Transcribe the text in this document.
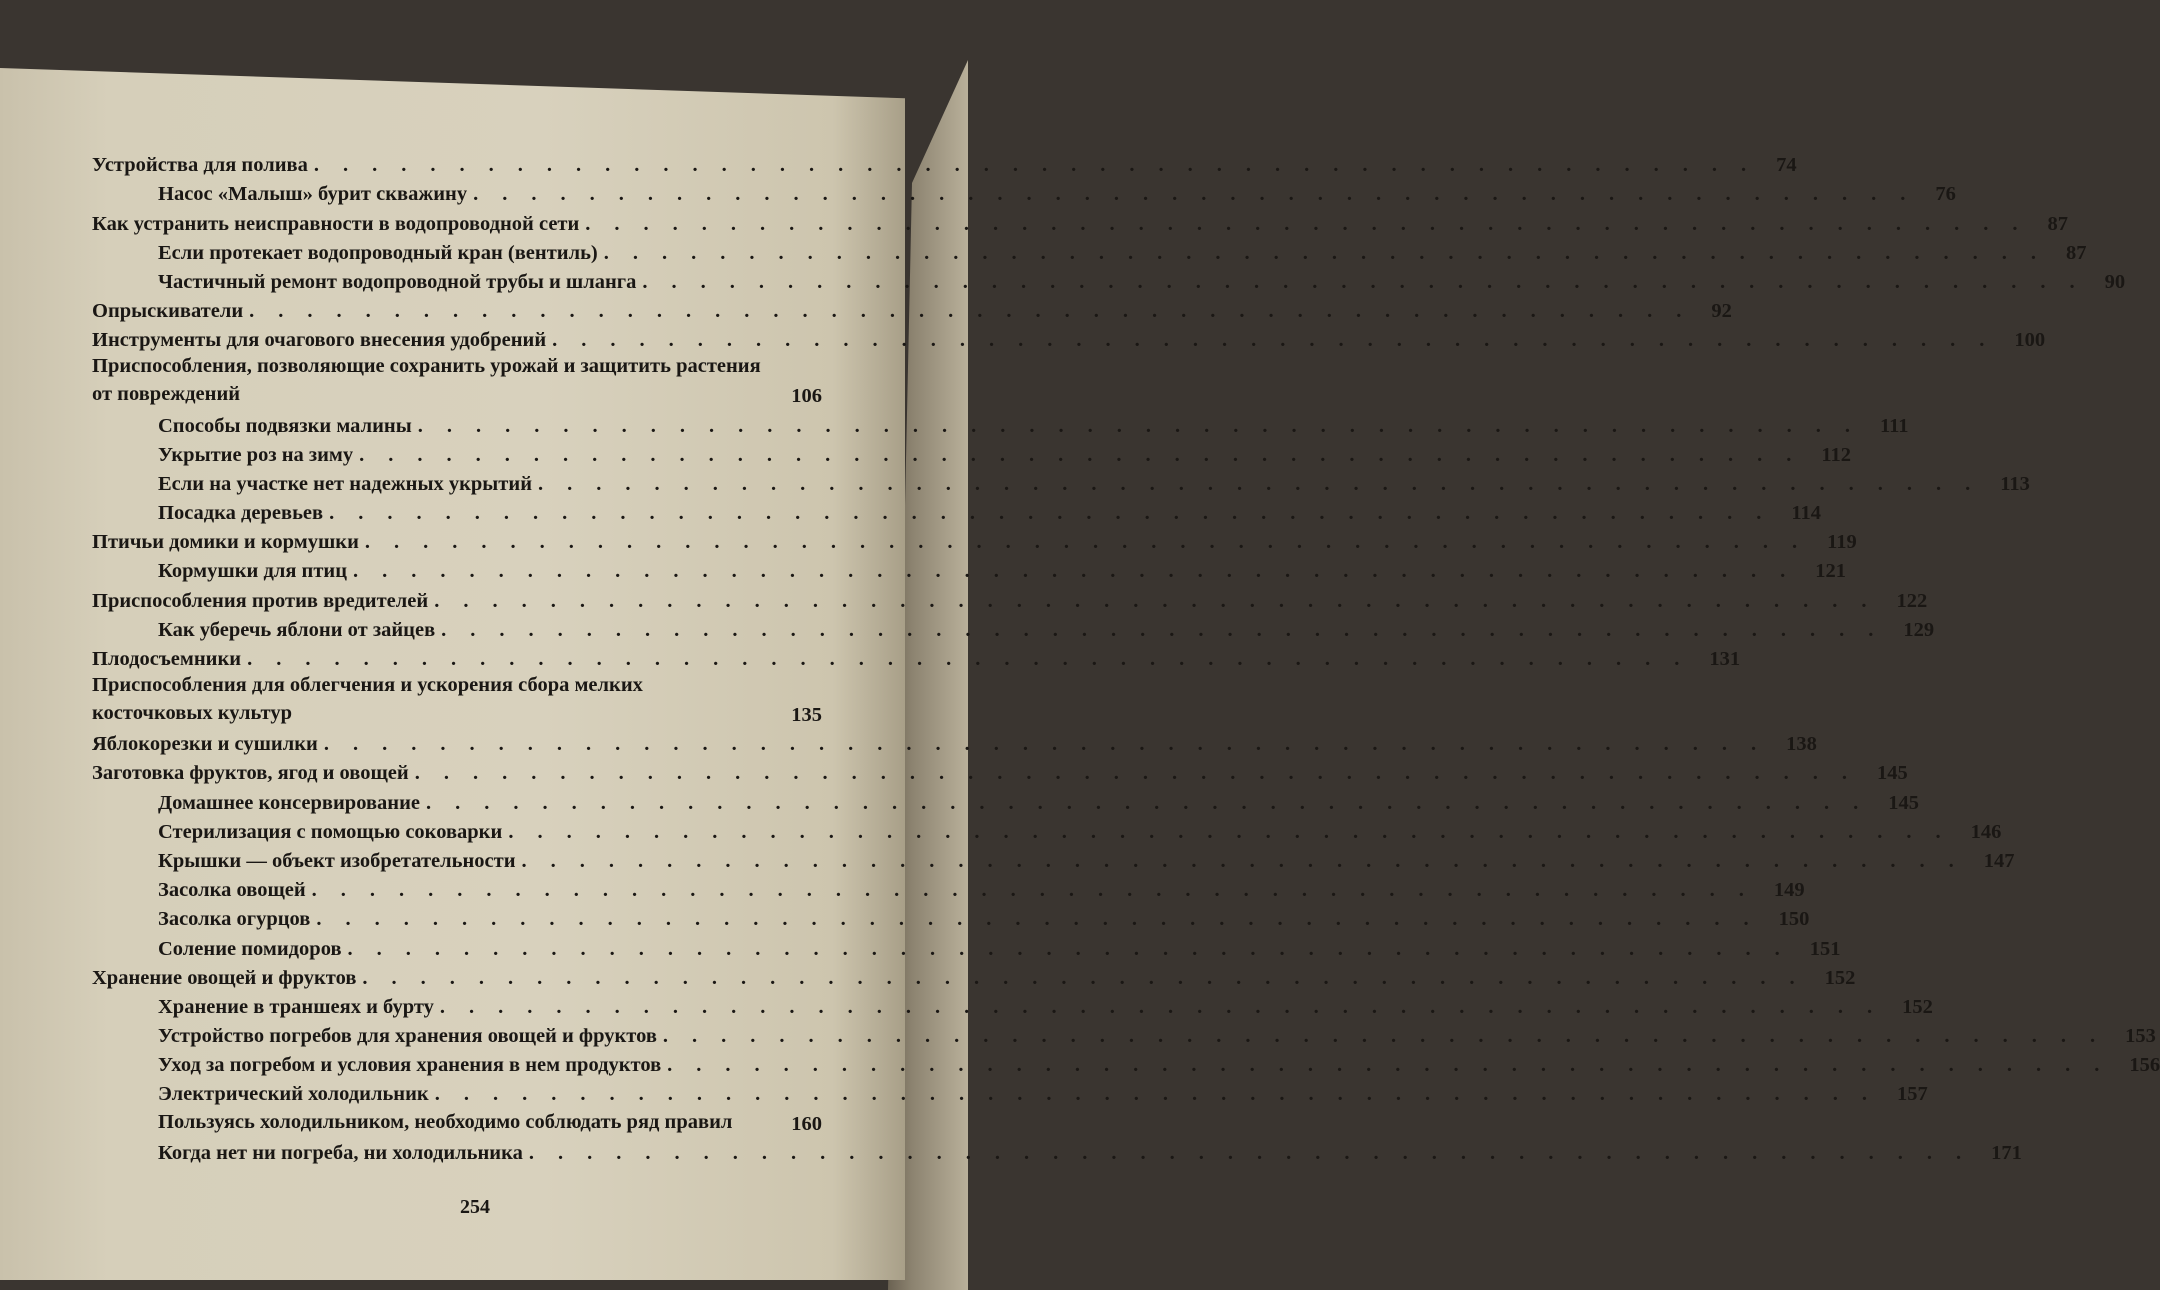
Устройства для полива .................................................. 74
Насос «Малыш» бурит скважину .................................................. 76
Как устранить неисправности в водопроводной сети .................................................. 87
Если протекает водопроводный кран (вентиль) .................................................. 87
Частичный ремонт водопроводной трубы и шланга .................................................. 90
Опрыскиватели .................................................. 92
Инструменты для очагового внесения удобрений .................................................. 100
Приспособления, позволяющие сохранить урожай и защитить растения от повреждений	106
Способы подвязки малины .................................................. 111
Укрытие роз на зиму .................................................. 112
Если на участке нет надежных укрытий .................................................. 113
Посадка деревьев .................................................. 114
Птичьи домики и кормушки .................................................. 119
Кормушки для птиц .................................................. 121
Приспособления против вредителей .................................................. 122
Как уберечь яблони от зайцев .................................................. 129
Плодосъемники .................................................. 131
Приспособления для облегчения и ускорения сбора мелких косточковых культур	135
Яблокорезки и сушилки .................................................. 138
Заготовка фруктов, ягод и овощей .................................................. 145
Домашнее консервирование .................................................. 145
Стерилизация с помощью соковарки .................................................. 146
Крышки — объект изобретательности .................................................. 147
Засолка овощей .................................................. 149
Засолка огурцов .................................................. 150
Соление помидоров .................................................. 151
Хранение овощей и фруктов .................................................. 152
Хранение в траншеях и бурту .................................................. 152
Устройство погребов для хранения овощей и фруктов .................................................. 153
Уход за погребом и условия хранения в нем продуктов .................................................. 156
Электрический холодильник .................................................. 157
Пользуясь холодильником, необходимо соблюдать ряд правил	160
Когда нет ни погреба, ни холодильника .................................................. 171
254
